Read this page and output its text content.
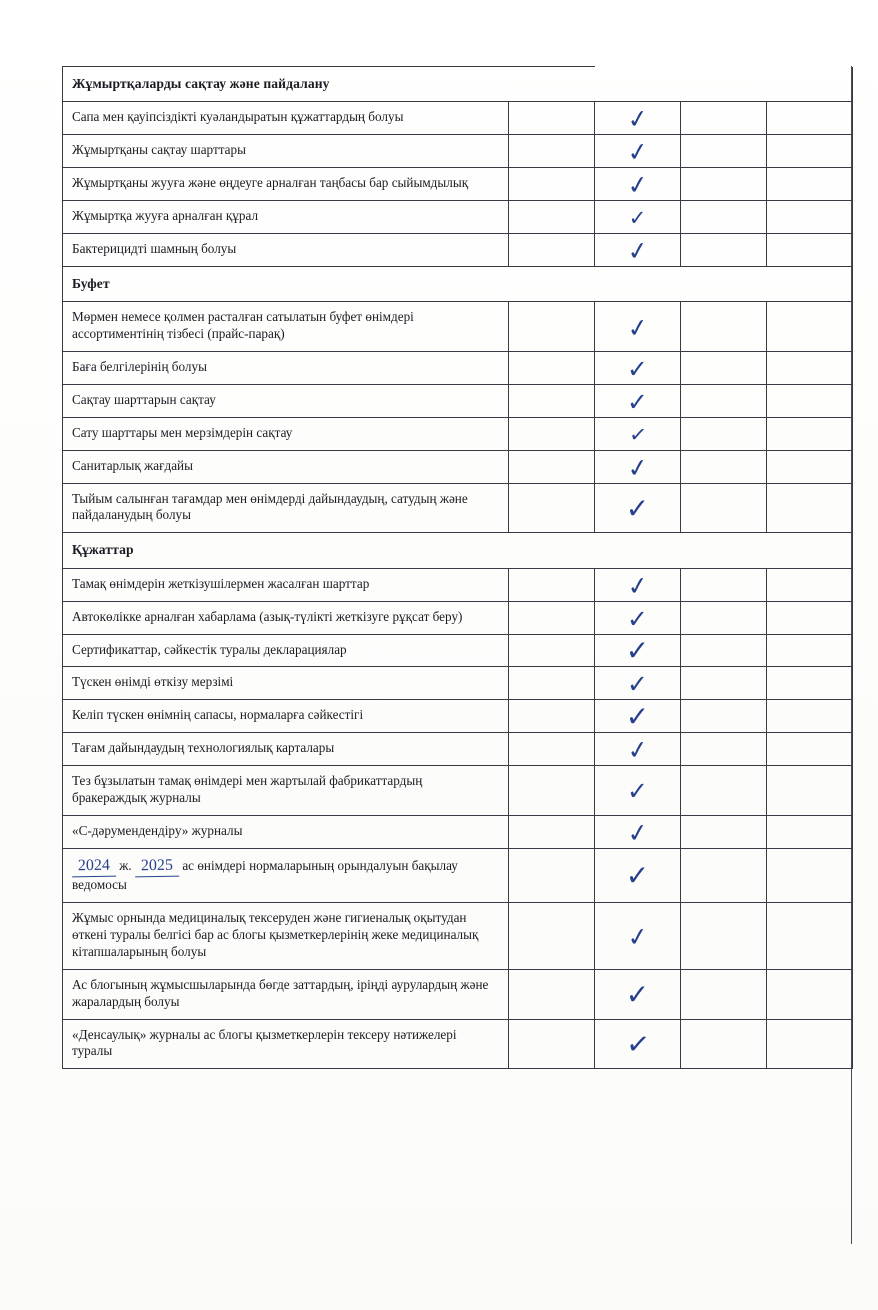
Жұмыртқаларды сақтау және пайдалану				
Сапа мен қауіпсіздікті куәландыратын құжаттардың болуы		✓		

Жұмыртқаны сақтау шарттары		✓		

Жұмыртқаны жууға және өңдеуге арналған таңбасы бар сыйымдылық		✓		

Жұмыртқа жууға арналған құрал		✓		

Бактерицидті шамның болуы		✓		

Буфет				
Мөрмен немесе қолмен расталған сатылатын буфет өнімдері ассортиментінің тізбесі (прайс-парақ)		✓		

Баға белгілерінің болуы		✓		

Сақтау шарттарын сақтау		✓		

Сату шарттары мен мерзімдерін сақтау		✓		

Санитарлық жағдайы		✓		

Тыйым салынған тағамдар мен өнімдерді дайындаудың, сатудың және пайдаланудың болуы		✓		

Құжаттар				
Тамақ өнімдерін жеткізушілермен жасалған шарттар		✓		

Автокөлікке арналған хабарлама (азық-түлікті жеткізуге рұқсат беру)		✓		

Сертификаттар, сәйкестік туралы декларациялар		✓		

Түскен өнімді өткізу мерзімі		✓		

Келіп түскен өнімнің сапасы, нормаларға сәйкестігі		✓		

Тағам дайындаудың технологиялық карталары		✓		

Тез бұзылатын тамақ өнімдері мен жартылай фабрикаттардың бракераждық журналы		✓		

«С-дәрумендендіру» журналы		✓		

2024 ж. 2025 ас өнімдері нормаларының орындалуын бақылау ведомосы		✓		

Жұмыс орнында медициналық тексеруден және гигиеналық оқытудан өткені туралы белгісі бар ас блогы қызметкерлерінің жеке медициналық кітапшаларының болуы		✓		

Ас блогының жұмысшыларында бөгде заттардың, іріңді аурулардың және жаралардың болуы		✓		

«Денсаулық» журналы ас блогы қызметкерлерін тексеру нәтижелері туралы		✓		
